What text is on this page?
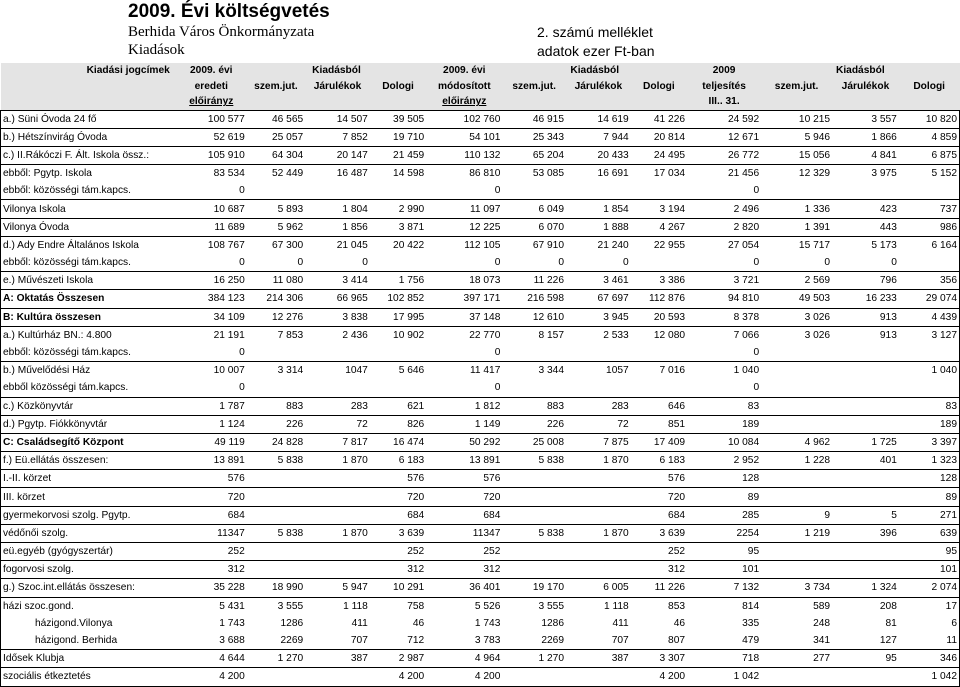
2009. Évi költségvetés
Berhida Város Önkormányzata
Kiadások
2. számú melléklet
adatok ezer Ft-ban
Kiadási jogcímek	2009. évi	Kiadásból			2009. évi	Kiadásból			2009	Kiadásból		
	eredeti	szem.jut.	Járulékok	Dologi	módosított	szem.jut.	Járulékok	Dologi	teljesítés	szem.jut.	Járulékok	Dologi
	előirányz				előirányz				III.. 31.			
a.) Süni Óvoda 24 fő	100 577	46 565	14 507	39 505	102 760	46 915	14 619	41 226	24 592	10 215	3 557	10 820
b.) Hétszínvirág Óvoda	52 619	25 057	7 852	19 710	54 101	25 343	7 944	20 814	12 671	5 946	1 866	4 859
c.) II.Rákóczi F. Ált. Iskola össz.:	105 910	64 304	20 147	21 459	110 132	65 204	20 433	24 495	26 772	15 056	4 841	6 875
ebből: Pgytp. Iskola	83 534	52 449	16 487	14 598	86 810	53 085	16 691	17 034	21 456	12 329	3 975	5 152
ebből: közösségi tám.kapcs.	0				0				0			
Vilonya Iskola	10 687	5 893	1 804	2 990	11 097	6 049	1 854	3 194	2 496	1 336	423	737
Vilonya Óvoda	11 689	5 962	1 856	3 871	12 225	6 070	1 888	4 267	2 820	1 391	443	986
d.) Ady Endre Általános Iskola	108 767	67 300	21 045	20 422	112 105	67 910	21 240	22 955	27 054	15 717	5 173	6 164
ebből: közösségi tám.kapcs.	0	0	0		0	0	0		0	0	0	
e.) Művészeti Iskola	16 250	11 080	3 414	1 756	18 073	11 226	3 461	3 386	3 721	2 569	796	356
A: Oktatás Összesen	384 123	214 306	66 965	102 852	397 171	216 598	67 697	112 876	94 810	49 503	16 233	29 074
B: Kultúra összesen	34 109	12 276	3 838	17 995	37 148	12 610	3 945	20 593	8 378	3 026	913	4 439
a.) Kultúrház BN.: 4.800	21 191	7 853	2 436	10 902	22 770	8 157	2 533	12 080	7 066	3 026	913	3 127
ebből: közösségi tám.kapcs.	0				0				0			
b.) Művelődési Ház	10 007	3 314	1047	5 646	11 417	3 344	1057	7 016	1 040			1 040
ebből közösségi tám.kapcs.	0				0				0			
c.) Közkönyvtár	1 787	883	283	621	1 812	883	283	646	83			83
d.) Pgytp. Fiókkönyvtár	1 124	226	72	826	1 149	226	72	851	189			189
C: Családsegítő Központ	49 119	24 828	7 817	16 474	50 292	25 008	7 875	17 409	10 084	4 962	1 725	3 397
f.) Eü.ellátás összesen:	13 891	5 838	1 870	6 183	13 891	5 838	1 870	6 183	2 952	1 228	401	1 323
I.-II. körzet	576			576	576			576	128			128
III. körzet	720			720	720			720	89			89
gyermekorvosi szolg. Pgytp.	684			684	684			684	285	9	5	271
védőnői szolg.	11347	5 838	1 870	3 639	11347	5 838	1 870	3 639	2254	1 219	396	639
eü.egyéb (gyógyszertár)	252			252	252			252	95			95
fogorvosi szolg.	312			312	312			312	101			101
g.) Szoc.int.ellátás összesen:	35 228	18 990	5 947	10 291	36 401	19 170	6 005	11 226	7 132	3 734	1 324	2 074
házi szoc.gond.	5 431	3 555	1 118	758	5 526	3 555	1 118	853	814	589	208	17
házigond.Vilonya	1 743	1286	411	46	1 743	1286	411	46	335	248	81	6
házigond. Berhida	3 688	2269	707	712	3 783	2269	707	807	479	341	127	11
Idősek Klubja	4 644	1 270	387	2 987	4 964	1 270	387	3 307	718	277	95	346
szociális étkeztetés	4 200			4 200	4 200			4 200	1 042			1 042
